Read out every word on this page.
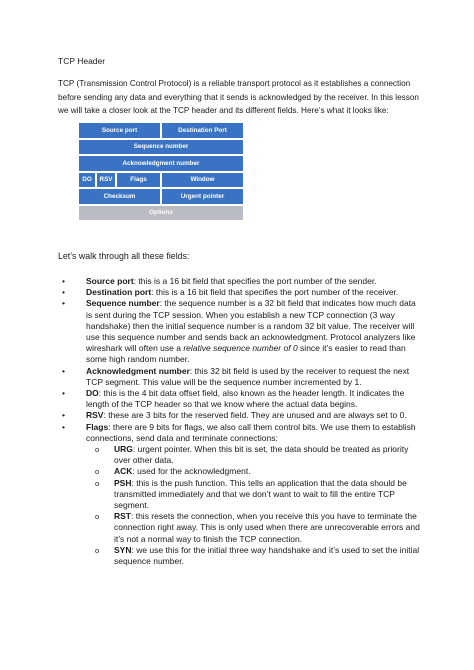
TCP Header
TCP (Transmission Control Protocol) is a reliable transport protocol as it establishes a connection before sending any data and everything that it sends is acknowledged by the receiver. In this lesson we will take a closer look at the TCP header and its different fields. Here’s what it looks like:
Source port	Destination Port
Sequence number
Acknowledgment number
DO	RSV	Flags	Window
Checksum	Urgent pointer
Options
Let’s walk through all these fields:
• Source port: this is a 16 bit field that specifies the port number of the sender.
• Destination port: this is a 16 bit field that specifies the port number of the receiver.
• Sequence number: the sequence number is a 32 bit field that indicates how much data is sent during the TCP session. When you establish a new TCP connection (3 way handshake) then the initial sequence number is a random 32 bit value. The receiver will use this sequence number and sends back an acknowledgment. Protocol analyzers like wireshark will often use a relative sequence number of 0 since it’s easier to read than some high random number.
• Acknowledgment number: this 32 bit field is used by the receiver to request the next TCP segment. This value will be the sequence number incremented by 1.
• DO: this is the 4 bit data offset field, also known as the header length. It indicates the length of the TCP header so that we know where the actual data begins.
• RSV: these are 3 bits for the reserved field. They are unused and are always set to 0.
• Flags: there are 9 bits for flags, we also call them control bits. We use them to establish connections, send data and terminate connections:
o URG: urgent pointer. When this bit is set, the data should be treated as priority over other data.
o ACK: used for the acknowledgment.
o PSH: this is the push function. This tells an application that the data should be transmitted immediately and that we don’t want to wait to fill the entire TCP segment.
o RST: this resets the connection, when you receive this you have to terminate the connection right away. This is only used when there are unrecoverable errors and it’s not a normal way to finish the TCP connection.
o SYN: we use this for the initial three way handshake and it’s used to set the initial sequence number.
